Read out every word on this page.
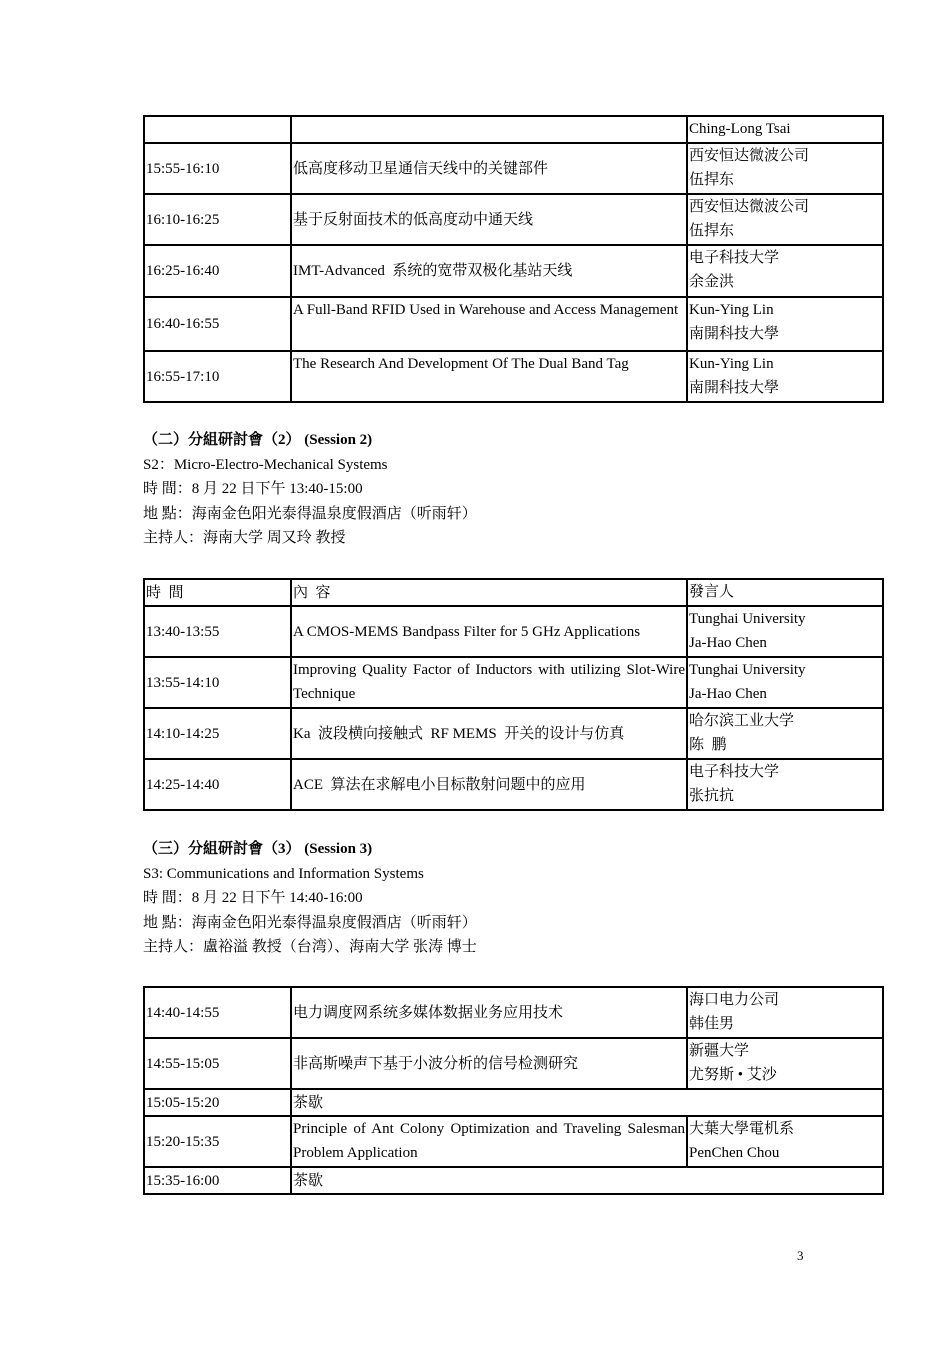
		Ching-Long Tsai

15:55-16:10	低高度移动卫星通信天线中的关键部件	西安恒达微波公司
伍捍东

16:10-16:25	基于反射面技术的低高度动中通天线	西安恒达微波公司
伍捍东

16:25-16:40	IMT-Advanced  系统的宽带双极化基站天线	电子科技大学
余金洪

16:40-16:55	A Full-Band RFID Used in Warehouse and Access Management	Kun-Ying Lin
南開科技大學

16:55-17:10	The Research And Development Of The Dual Band Tag	Kun-Ying Lin
南開科技大學
（二）分組研討會（2） (Session 2)
S2：Micro-Electro-Mechanical Systems
時 間：8 月 22 日下午 13:40-15:00
地 點：海南金色阳光泰得温泉度假酒店（听雨轩）
主持人：海南大学 周又玲 教授
時  間	內  容	發言人
13:40-13:55	A CMOS-MEMS Bandpass Filter for 5 GHz Applications	Tunghai University
Ja-Hao Chen

13:55-14:10	Improving Quality Factor of Inductors with utilizing Slot-Wire Technique	Tunghai University
Ja-Hao Chen

14:10-14:25	Ka  波段横向接触式  RF MEMS  开关的设计与仿真	哈尔滨工业大学
陈  鹏

14:25-14:40	ACE  算法在求解电小目标散射问题中的应用	电子科技大学
张抗抗
（三）分組研討會（3） (Session 3)
S3: Communications and Information Systems
時 間：8 月 22 日下午 14:40-16:00
地 點：海南金色阳光泰得温泉度假酒店（听雨轩）
主持人：盧裕溢 教授（台湾）、海南大学 张涛 博士
14:40-14:55	电力调度网系统多媒体数据业务应用技术	海口电力公司
韩佳男

14:55-15:05	非高斯噪声下基于小波分析的信号检测研究	新疆大学
尤努斯 • 艾沙

15:05-15:20	茶歇	
15:20-15:35	Principle of Ant Colony Optimization and Traveling Salesman Problem Application	大葉大學電机系
PenChen Chou

15:35-16:00	茶歇	
3
